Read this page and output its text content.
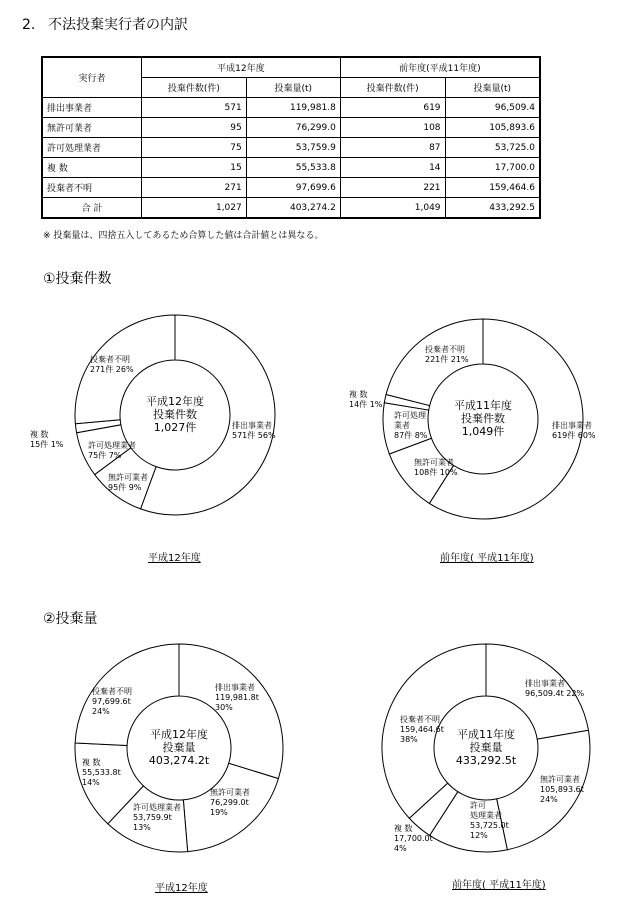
2. 不法投棄実行者の内訳
実行者	平成12年度		前年度(平成11年度)	
	投棄件数(件)	投棄量(t)	投棄件数(件)	投棄量(t)
排出事業者	571	119,981.8	619	96,509.4
無許可業者	95	76,299.0	108	105,893.6
許可処理業者	75	53,759.9	87	53,725.0
複 数	15	55,533.8	14	17,700.0
投棄者不明	271	97,699.6	221	159,464.6
合 計	1,027	403,274.2	1,049	433,292.5
※ 投棄量は、四捨五入してあるため合算した値は合計値とは異なる。
①投棄件数
②投棄量
排出事業者 571件 56%
無許可業者 95件 9%
許可処理業者 75件 7%
複 数 15件 1%
投棄者不明 271件 26%
平成12年度投棄件数 1,027件
平成12年度
排出事業者 619件 60%
無許可業者 108件 10%
許可処理業者 87件 8%
複 数 14件 1%
投棄者不明 221件 21%
平成11年度投棄件数 1,049件
前年度( 平成11年度)
排出事業者 119,981.8t 30%
無許可業者 76,299.0t 19%
許可処理業者 53,759.9t 13%
複 数 55,533.8t 14%
投棄者不明 97,699.6t 24%
平成12年度投棄量 403,274.2t
平成12年度
排出事業者 96,509.4t 22%
無許可業者 105,893.6t 24%
許可処理業者 53,725.0t 12%
複 数 17,700.0t 4%
投棄者不明 159,464.6t 38%	平成11年度投棄量 433,292.5t
前年度( 平成11年度)
